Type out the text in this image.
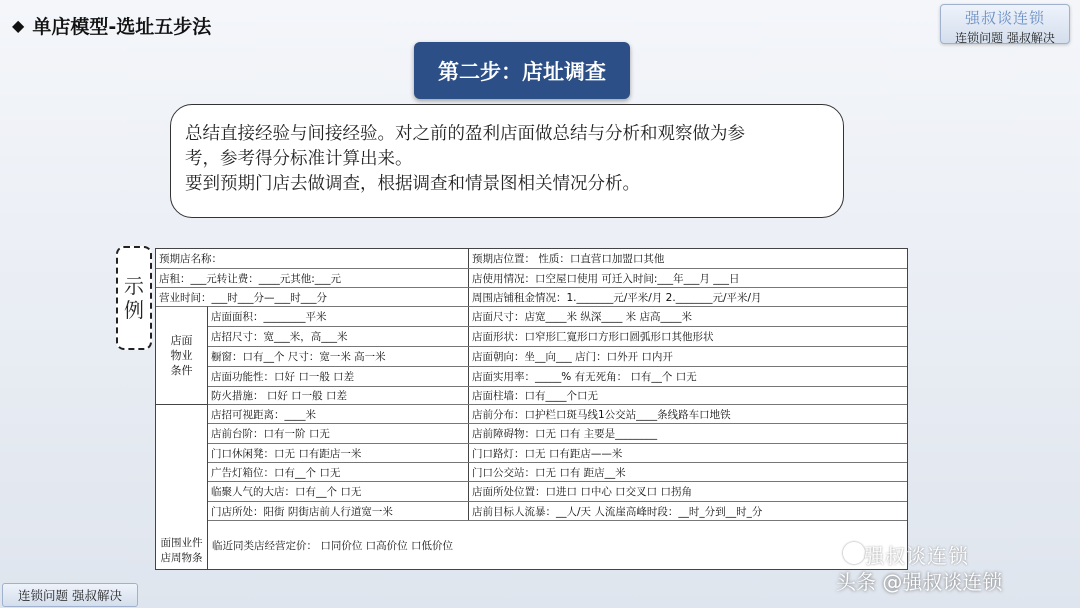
◆ 单店模型-选址五步法	强叔谈连锁
连锁问题 强叔解决
第二步：店址调查

总结直接经验与间接经验。对之前的盈利店面做总结与分析和观察做为参

考，参考得分标准计算出来。

要到预期门店去做调查，根据调查和情景图相关情况分析。

示
例
预期店名称：	预期店位置： 性质：口直营口加盟口其他
店租：___元转让费：____元其他:___元	店使用情况：口空屋口使用 可迁入时间:___年___月 ___日
营业时间：___时___分—___时___分	周围店铺租金情况：1._______元/平米/月 2._______元/平米/月
店面面积：________平米	店面尺寸：店宽____米 纵深____ 米 店高____米
店招尺寸：宽___米，高___米	店面形状：口窄形匸寛形口方形口圆弧形口其他形状
橱窗：口有__个 尺寸：宽一米 高一米	店面朝向：坐__向___ 店门：口外开 口内开
店面功能性：口好 口一般 口差	店面实用率：_____% 有无死角： 口有__个 口无
防火措施： 口好 口一般 口差	店面柱墙：口有____个口无
店招可视距离：____米	店前分布：口护栏口斑马线1公交站____条线路车口地铁
店前台阶：口有一阶 口无	店前障碍物：口无 口有 主要是________
门口休闲凳：口无 口有距店一米	门口路灯：口无 口有距店——米
广告灯箱位：口有__个 口无	门口公交站：口无 口有 距店__米
临聚人气的大店：口有__个 口无	店面所处位置：口进口 口中心 口交叉口 口拐角
门店所处：阳街 阴街店前人行道宽一米	店前目标人流暴：__人/天 人流崖高峰时段：__时_分到__时_分
临近同类店经营定价： 口同价位 口高价位 口低价位
店面
物业
条件
面围业件
店周物条
连锁问题 强叔解决
强叔谈连锁
头条 @强叔谈连锁
